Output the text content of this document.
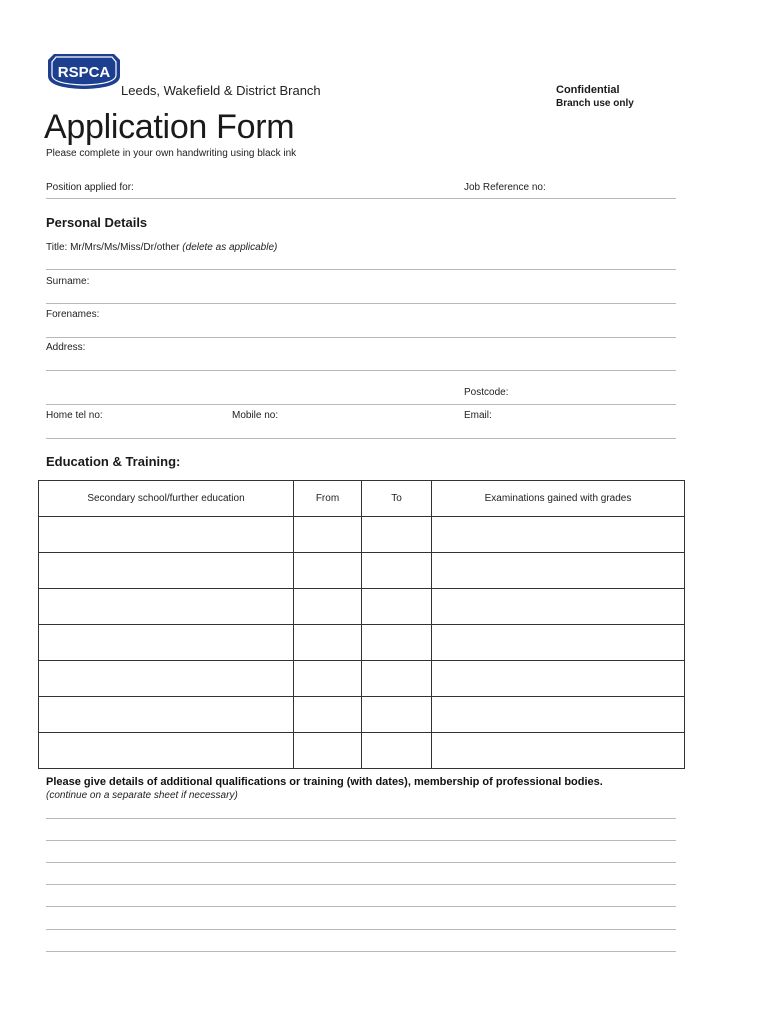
RSPCA
Leeds, Wakefield & District Branch	Confidential
Branch use only
Application Form
Please complete in your own handwriting using black ink
Position applied for:	Job Reference no:
Personal Details
Title: Mr/Mrs/Ms/Miss/Dr/other (delete as applicable)
Surname:
Forenames:
Address:
Postcode:
Home tel no:	Mobile no:	Email:
Education & Training:
Secondary school/further education	From	To	Examinations gained with grades

Please give details of additional qualifications or training (with dates), membership of professional bodies.
(continue on a separate sheet if necessary)
